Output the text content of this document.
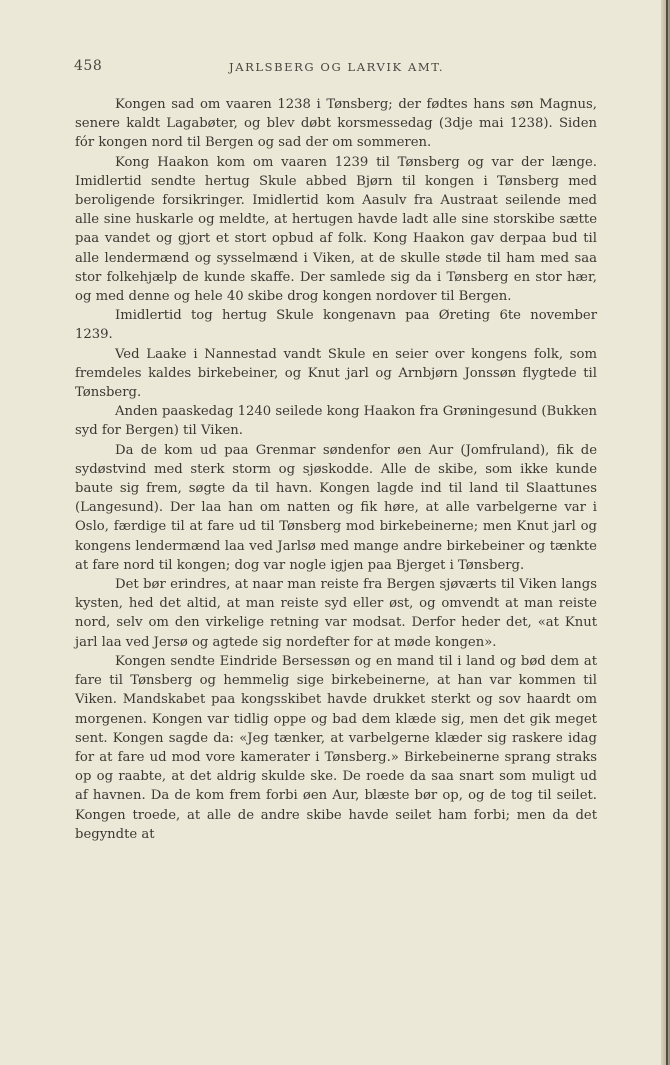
458	JARLSBERG OG LARVIK AMT.

Kongen sad om vaaren 1238 i Tønsberg; der fødtes hans søn Magnus, senere kaldt Lagabøter, og blev døbt korsmessedag (3dje mai 1238). Siden fór kongen nord til Bergen og sad der om sommeren.

Kong Haakon kom om vaaren 1239 til Tønsberg og var der længe. Imidlertid sendte hertug Skule abbed Bjørn til kongen i Tønsberg med beroligende forsikringer. Imidlertid kom Aasulv fra Austraat seilende med alle sine huskarle og meldte, at hertugen havde ladt alle sine storskibe sætte paa vandet og gjort et stort opbud af folk. Kong Haakon gav derpaa bud til alle lendermænd og sysselmænd i Viken, at de skulle støde til ham med saa stor folkehjælp de kunde skaffe. Der samlede sig da i Tønsberg en stor hær, og med denne og hele 40 skibe drog kongen nordover til Bergen.

Imidlertid tog hertug Skule kongenavn paa Øreting 6te november 1239.

Ved Laake i Nannestad vandt Skule en seier over kongens folk, som fremdeles kaldes birkebeiner, og Knut jarl og Arnbjørn Jonssøn flygtede til Tønsberg.

Anden paaskedag 1240 seilede kong Haakon fra Grøningesund (Bukken syd for Bergen) til Viken.

Da de kom ud paa Grenmar søndenfor øen Aur (Jomfruland), fik de sydøstvind med sterk storm og sjøskodde. Alle de skibe, som ikke kunde baute sig frem, søgte da til havn. Kongen lagde ind til land til Slaattunes (Langesund). Der laa han om natten og fik høre, at alle varbelgerne var i Oslo, færdige til at fare ud til Tønsberg mod birkebeinerne; men Knut jarl og kongens lendermænd laa ved Jarlsø med mange andre birkebeiner og tænkte at fare nord til kongen; dog var nogle igjen paa Bjerget i Tønsberg.

Det bør erindres, at naar man reiste fra Bergen sjøværts til Viken langs kysten, hed det altid, at man reiste syd eller øst, og omvendt at man reiste nord, selv om den virkelige retning var modsat. Derfor heder det, «at Knut jarl laa ved Jersø og agtede sig nordefter for at møde kongen».

Kongen sendte Eindride Bersessøn og en mand til i land og bød dem at fare til Tønsberg og hemmelig sige birkebeinerne, at han var kommen til Viken. Mandskabet paa kongsskibet havde drukket sterkt og sov haardt om morgenen. Kongen var tidlig oppe og bad dem klæde sig, men det gik meget sent. Kongen sagde da: «Jeg tænker, at varbelgerne klæder sig raskere idag for at fare ud mod vore kamerater i Tønsberg.» Birkebeinerne sprang straks op og raabte, at det aldrig skulde ske. De roede da saa snart som muligt ud af havnen. Da de kom frem forbi øen Aur, blæste bør op, og de tog til seilet. Kongen troede, at alle de andre skibe havde seilet ham forbi; men da det begyndte at
